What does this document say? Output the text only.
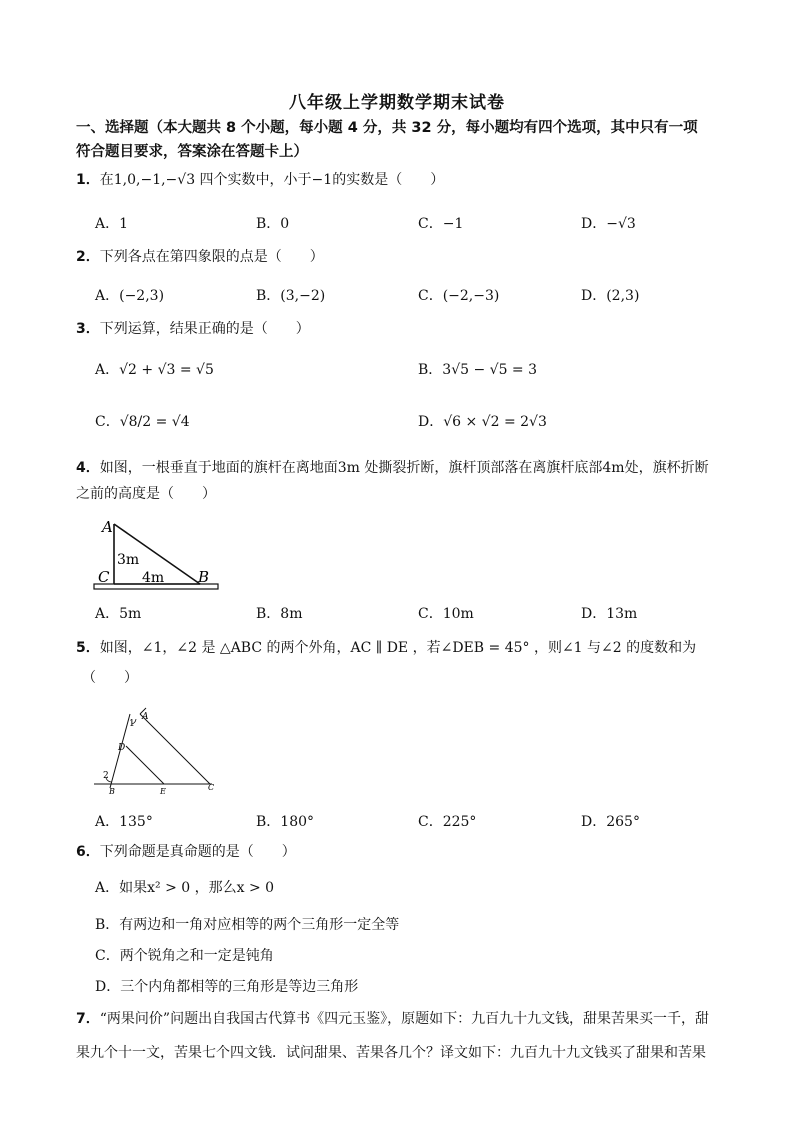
八年级上学期数学期末试卷
一、选择题（本大题共 8 个小题，每小题 4 分，共 32 分，每小题均有四个选项，其中只有一项
符合题目要求，答案涂在答题卡上）
1．在1,0,−1,−√3 四个实数中，小于−1的实数是（　　）
A．1	B．0	C．−1	D．−√3
2．下列各点在第四象限的点是（　　）
A．(−2,3)	B．(3,−2)	C．(−2,−3)	D．(2,3)
3．下列运算，结果正确的是（　　）
A．√2 + √3 = √5	B．3√5 − √5 = 3
C．√8/2 = √4	D．√6 × √2 = 2√3
4．如图，一根垂直于地面的旗杆在离地面3m 处撕裂折断，旗杆顶部落在离旗杆底部4m处，旗杯折断
之前的高度是（　　）
A
C	B
3m
4m
A．5m	B．8m	C．10m	D．13m
5．如图，∠1，∠2 是 △ABC 的两个外角，AC ∥ DE ，若∠DEB = 45° ，则∠1 与∠2 的度数和为
（　　）
A
1
D
2
B	E	C
A．135°	B．180°	C．225°	D．265°
6．下列命题是真命题的是（　　）
A．如果x² > 0 ，那么x > 0
B．有两边和一角对应相等的两个三角形一定全等
C．两个锐角之和一定是钝角
D．三个内角都相等的三角形是等边三角形
7．“两果问价”问题出自我国古代算书《四元玉鉴》，原题如下：九百九十九文钱，甜果苦果买一千，甜
果九个十一文，苦果七个四文钱．试问甜果、苦果各几个？译文如下：九百九十九文钱买了甜果和苦果
